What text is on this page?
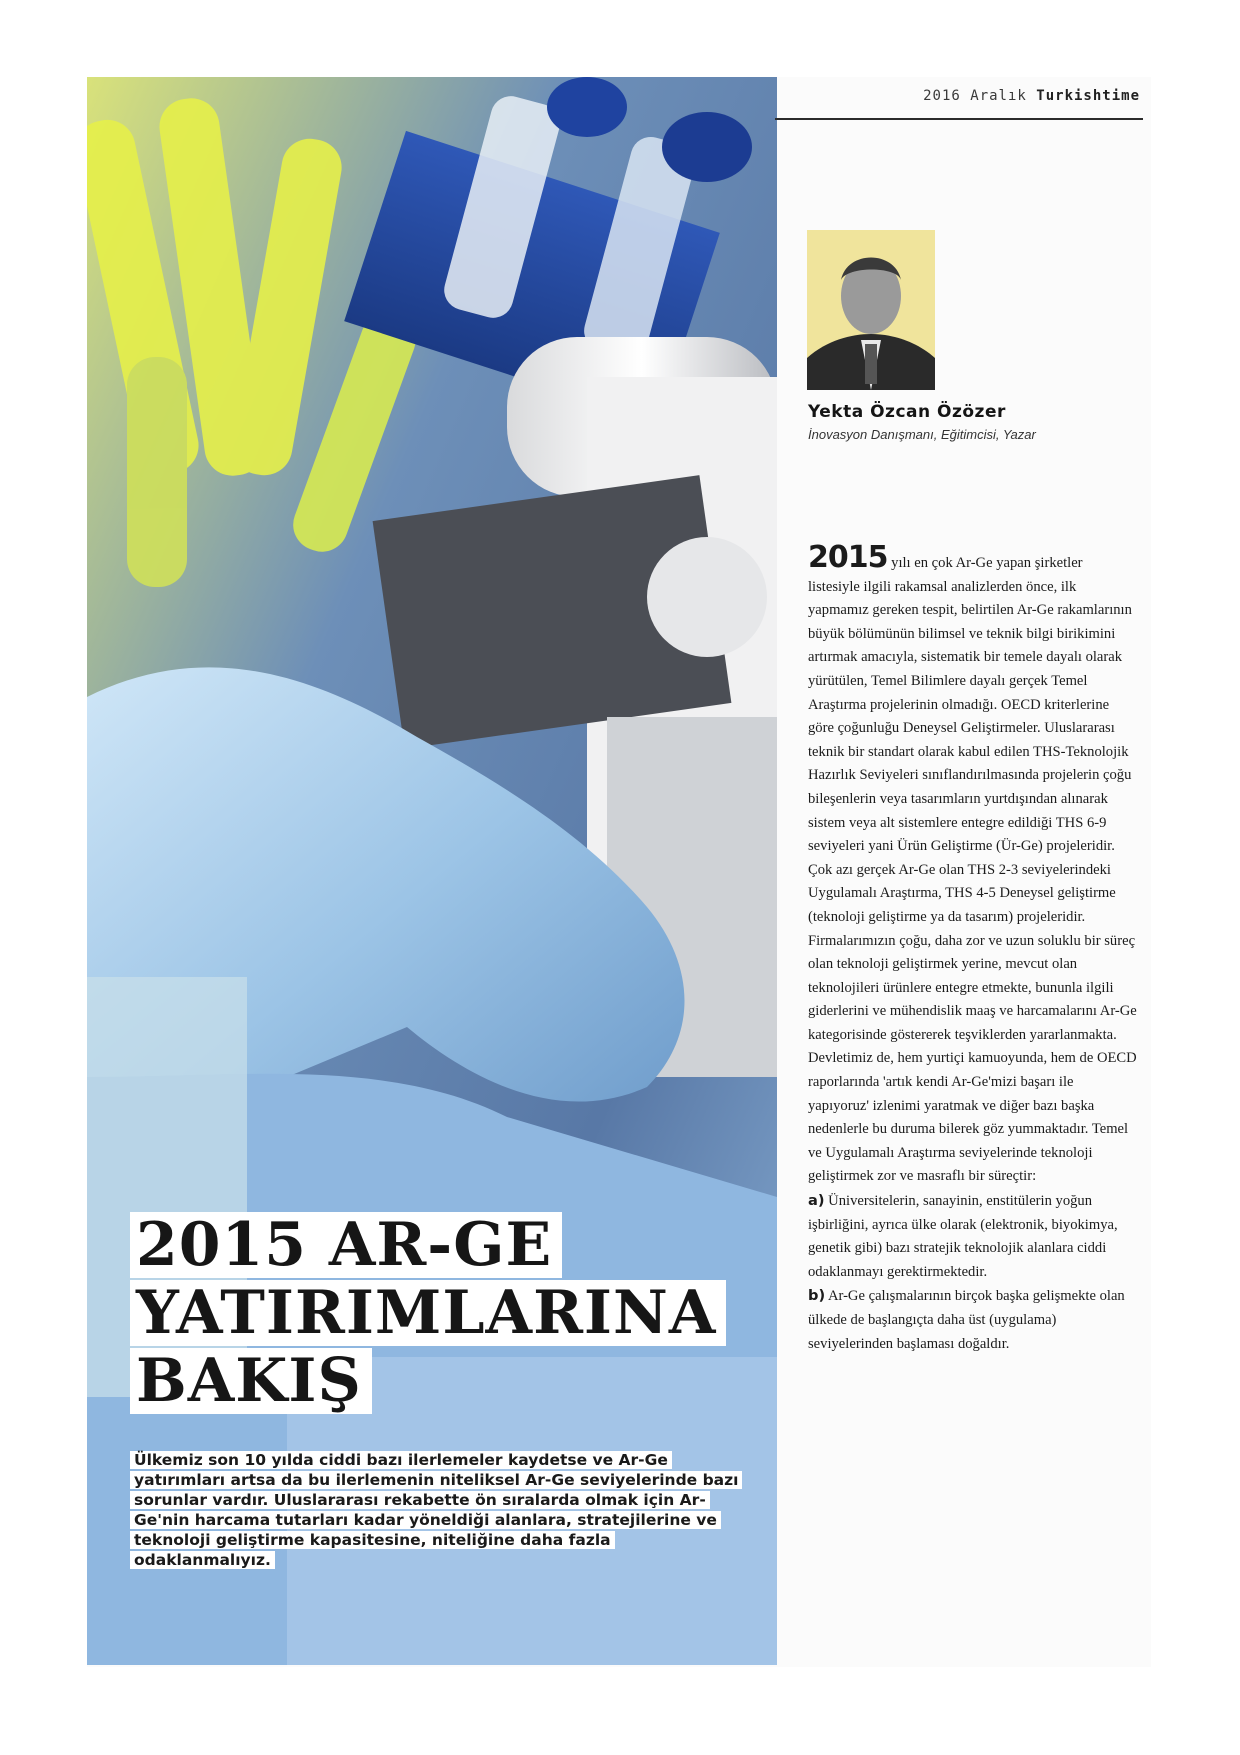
2016 Aralık Turkishtime
Yekta Özcan Özözer
İnovasyon Danışmanı, Eğitimcisi, Yazar

2015 yılı en çok Ar-Ge yapan şirketler listesiyle ilgili rakamsal analizlerden önce, ilk yapmamız gereken tespit, belirtilen Ar-Ge rakamlarının büyük bölümünün bilimsel ve teknik bilgi birikimini artırmak amacıyla, sistematik bir temele dayalı olarak yürütülen, Temel Bilimlere dayalı gerçek Temel Araştırma projelerinin olmadığı. OECD kriterlerine göre çoğunluğu Deneysel Geliştirmeler. Uluslararası teknik bir standart olarak kabul edilen THS-Teknolojik Hazırlık Seviyeleri sınıflandırılmasında projelerin çoğu bileşenlerin veya tasarımların yurtdışından alınarak sistem veya alt sistemlere entegre edildiği THS 6-9 seviyeleri yani Ürün Geliştirme (Ür-Ge) projeleridir. Çok azı gerçek Ar-Ge olan THS 2-3 seviyelerindeki Uygulamalı Araştırma, THS 4-5 Deneysel geliştirme (teknoloji geliştirme ya da tasarım) projeleridir. Firmalarımızın çoğu, daha zor ve uzun soluklu bir süreç olan teknoloji geliştirmek yerine, mevcut olan teknolojileri ürünlere entegre etmekte, bununla ilgili giderlerini ve mühendislik maaş ve harcamalarını Ar-Ge kategorisinde göstererek teşviklerden yararlanmakta. Devletimiz de, hem yurtiçi kamuoyunda, hem de OECD raporlarında 'artık kendi Ar-Ge'mizi başarı ile yapıyoruz' izlenimi yaratmak ve diğer bazı başka nedenlerle bu duruma bilerek göz yummaktadır. Temel ve Uygulamalı Araştırma seviyelerinde teknoloji geliştirmek zor ve masraflı bir süreçtir:

a) Üniversitelerin, sanayinin, enstitülerin yoğun işbirliğini, ayrıca ülke olarak (elektronik, biyokimya, genetik gibi) bazı stratejik teknolojik alanlara ciddi odaklanmayı gerektirmektedir.

b) Ar-Ge çalışmalarının birçok başka gelişmekte olan ülkede de başlangıçta daha üst (uygulama) seviyelerinden başlaması doğaldır.

2015 AR-GE
YATIRIMLARINA
BAKIŞ
Ülkemiz son 10 yılda ciddi bazı ilerlemeler kaydetse ve Ar-Ge yatırımları artsa da bu ilerlemenin niteliksel Ar-Ge seviyelerinde bazı sorunlar vardır. Uluslararası rekabette ön sıralarda olmak için Ar-Ge'nin harcama tutarları kadar yöneldiği alanlara, stratejilerine ve teknoloji geliştirme kapasitesine, niteliğine daha fazla odaklanmalıyız.
